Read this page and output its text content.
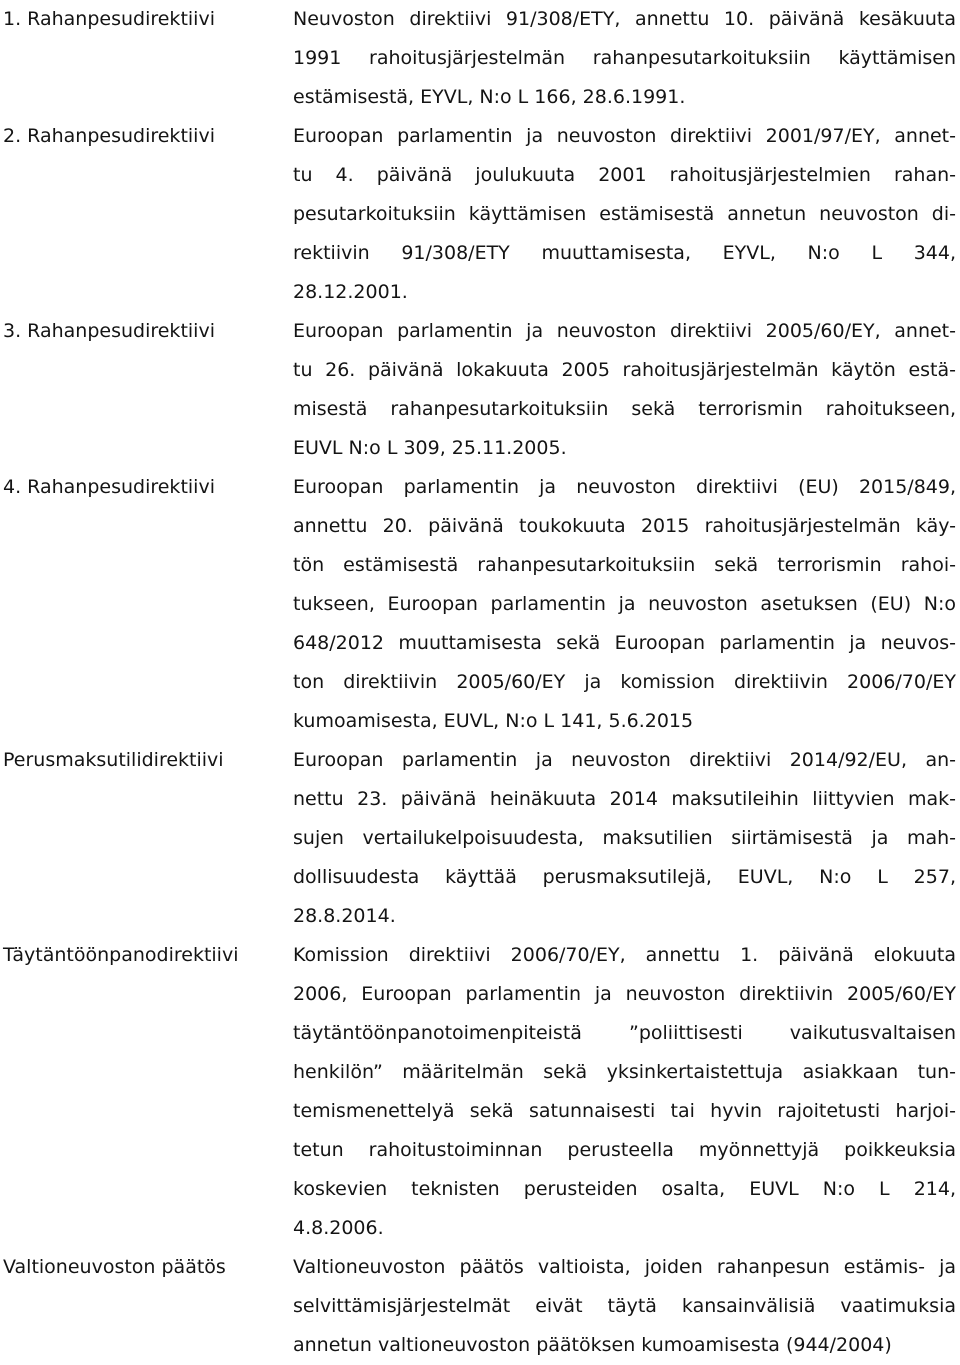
1. Rahanpesudirektiivi	Neuvoston direktiivi 91/308/ETY, annettu 10. päivänä kesäkuuta
1991 rahoitusjärjestelmän rahanpesutarkoituksiin käyttämisen
estämisestä, EYVL, N:o L 166, 28.6.1991.
2. Rahanpesudirektiivi	Euroopan parlamentin ja neuvoston direktiivi 2001/97/EY, annet-
tu 4. päivänä joulukuuta 2001 rahoitusjärjestelmien rahan-
pesutarkoituksiin käyttämisen estämisestä annetun neuvoston di-
rektiivin 91/308/ETY muuttamisesta, EYVL, N:o L 344,
28.12.2001.
3. Rahanpesudirektiivi	Euroopan parlamentin ja neuvoston direktiivi 2005/60/EY, annet-
tu 26. päivänä lokakuuta 2005 rahoitusjärjestelmän käytön estä-
misestä rahanpesutarkoituksiin sekä terrorismin rahoitukseen,
EUVL N:o L 309, 25.11.2005.
4. Rahanpesudirektiivi	Euroopan parlamentin ja neuvoston direktiivi (EU) 2015/849,
annettu 20. päivänä toukokuuta 2015 rahoitusjärjestelmän käy-
tön estämisestä rahanpesutarkoituksiin sekä terrorismin rahoi-
tukseen, Euroopan parlamentin ja neuvoston asetuksen (EU) N:o
648/2012 muuttamisesta sekä Euroopan parlamentin ja neuvos-
ton direktiivin 2005/60/EY ja komission direktiivin 2006/70/EY
kumoamisesta, EUVL, N:o L 141, 5.6.2015
Perusmaksutilidirektiivi	Euroopan parlamentin ja neuvoston direktiivi 2014/92/EU, an-
nettu 23. päivänä heinäkuuta 2014 maksutileihin liittyvien mak-
sujen vertailukelpoisuudesta, maksutilien siirtämisestä ja mah-
dollisuudesta käyttää perusmaksutilejä, EUVL, N:o L 257,
28.8.2014.
Täytäntöönpanodirektiivi	Komission direktiivi 2006/70/EY, annettu 1. päivänä elokuuta
2006, Euroopan parlamentin ja neuvoston direktiivin 2005/60/EY
täytäntöönpanotoimenpiteistä ”poliittisesti vaikutusvaltaisen
henkilön” määritelmän sekä yksinkertaistettuja asiakkaan tun-
temismenettelyä sekä satunnaisesti tai hyvin rajoitetusti harjoi-
tetun rahoitustoiminnan perusteella myönnettyjä poikkeuksia
koskevien teknisten perusteiden osalta, EUVL N:o L 214,
4.8.2006.
Valtioneuvoston päätös	Valtioneuvoston päätös valtioista, joiden rahanpesun estämis- ja
selvittämisjärjestelmät eivät täytä kansainvälisiä vaatimuksia
annetun valtioneuvoston päätöksen kumoamisesta (944/2004)
